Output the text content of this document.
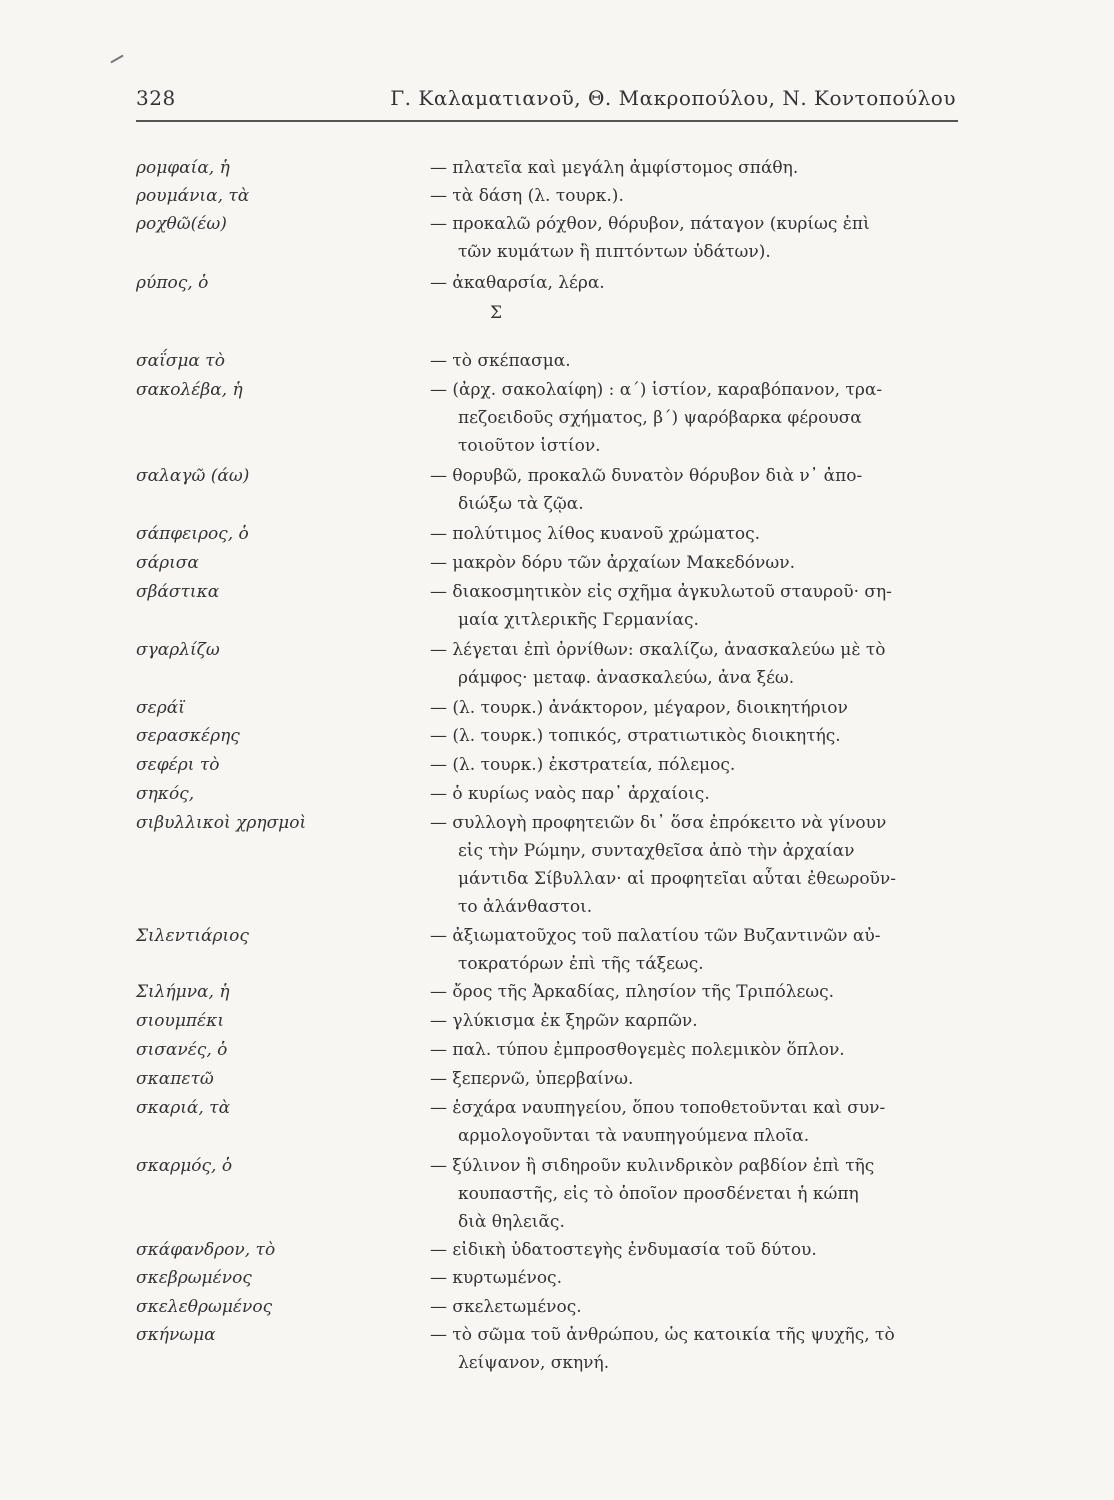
328	Γ. Καλαματιανοῦ, Θ. Μακροπούλου, Ν. Κοντοπούλου
Σ
ρομφαία, ἡ	— πλατεῖα καὶ μεγάλη ἀμφίστομος σπάθη.
ρουμάνια, τὰ	— τὰ δάση (λ. τουρκ.).
ροχθῶ(έω)	— προκαλῶ ρόχθον, θόρυβον, πάταγον (κυρίως ἐπὶ
τῶν κυμάτων ἢ πιπτόντων ὑδάτων).
ρύπος, ὁ	— ἀκαθαρσία, λέρα.
σαΐσμα τὸ	— τὸ σκέπασμα.
σακολέβα, ἡ	— (ἀρχ. σακολαίφη) : α΄) ἱστίον, καραβόπανον, τρα-
πεζοειδοῦς σχήματος, β΄) ψαρόβαρκα φέρουσα
τοιοῦτον ἱστίον.
σαλαγῶ (άω)	— θορυβῶ, προκαλῶ δυνατὸν θόρυβον διὰ ν᾽ ἀπο-
διώξω τὰ ζῷα.
σάπφειρος, ὁ	— πολύτιμος λίθος κυανοῦ χρώματος.
σάρισα	— μακρὸν δόρυ τῶν ἀρχαίων Μακεδόνων.
σβάστικα	— διακοσμητικὸν εἰς σχῆμα ἀγκυλωτοῦ σταυροῦ· ση-
μαία χιτλερικῆς Γερμανίας.
σγαρλίζω	— λέγεται ἐπὶ ὀρνίθων: σκαλίζω, ἀνασκαλεύω μὲ τὸ
ράμφος· μεταφ. ἀνασκαλεύω, ἀνα ξέω.
σεράϊ	— (λ. τουρκ.) ἀνάκτορον, μέγαρον, διοικητήριον
σερασκέρης	— (λ. τουρκ.) τοπικός, στρατιωτικὸς διοικητής.
σεφέρι τὸ	— (λ. τουρκ.) ἐκστρατεία, πόλεμος.
σηκός,	— ὁ κυρίως ναὸς παρ᾽ ἀρχαίοις.
σιβυλλικοὶ χρησμοὶ	— συλλογὴ προφητειῶν δι᾽ ὅσα ἐπρόκειτο νὰ γίνουν
εἰς τὴν Ρώμην, συνταχθεῖσα ἀπὸ τὴν ἀρχαίαν
μάντιδα Σίβυλλαν· αἱ προφητεῖαι αὗται ἐθεωροῦν-
το ἀλάνθαστοι.
Σιλεντιάριος	— ἀξιωματοῦχος τοῦ παλατίου τῶν Βυζαντινῶν αὐ-
τοκρατόρων ἐπὶ τῆς τάξεως.
Σιλήμνα, ἡ	— ὄρος τῆς Ἀρκαδίας, πλησίον τῆς Τριπόλεως.
σιουμπέκι	— γλύκισμα ἐκ ξηρῶν καρπῶν.
σισανές, ὁ	— παλ. τύπου ἐμπροσθογεμὲς πολεμικὸν ὅπλον.
σκαπετῶ	— ξεπερνῶ, ὑπερβαίνω.
σκαριά, τὰ	— ἐσχάρα ναυπηγείου, ὅπου τοποθετοῦνται καὶ συν-
αρμολογοῦνται τὰ ναυπηγούμενα πλοῖα.
σκαρμός, ὁ	— ξύλινον ἢ σιδηροῦν κυλινδρικὸν ραβδίον ἐπὶ τῆς
κουπαστῆς, εἰς τὸ ὁποῖον προσδένεται ἡ κώπη
διὰ θηλειᾶς.
σκάφανδρον, τὸ	— εἰδικὴ ὑδατοστεγὴς ἐνδυμασία τοῦ δύτου.
σκεβρωμένος	— κυρτωμένος.
σκελεθρωμένος	— σκελετωμένος.
σκήνωμα	— τὸ σῶμα τοῦ ἀνθρώπου, ὡς κατοικία τῆς ψυχῆς, τὸ
λείψανον, σκηνή.
